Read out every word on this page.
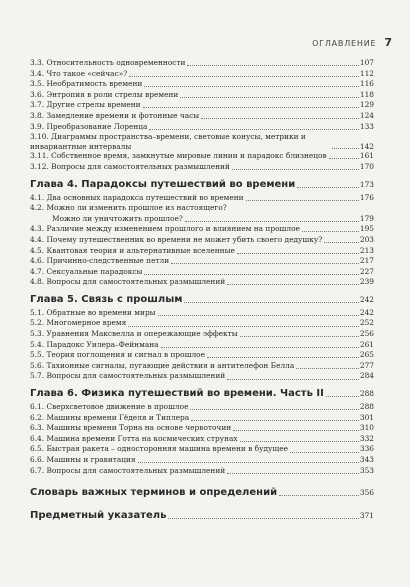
ОГЛАВЛЕНИЕ 7
3.3. Относительность одновременности	107
3.4. Что такое «сейчас»?	112
3.5. Необратимость времени	116
3.6. Энтропия в роли стрелы времени	118
3.7. Другие стрелы времени	129
3.8. Замедление времени и фотонные часы	124
3.9. Преобразование Лоренца	133
3.10. Диаграммы пространства–времени, световые конусы, метрики и инвариантные интервалы	142
3.11. Собственное время, замкнутые мировые линии и парадокс близнецов	161
3.12. Вопросы для самостоятельных размышлений	170
Глава 4. Парадоксы путешествий во времени	173
4.1. Два основных парадокса путешествий во времени	176
4.2. Можно ли изменить прошлое из настоящего?
Можно ли уничтожить прошлое?	179
4.3. Различие между изменением прошлого и влиянием на прошлое	195
4.4. Почему путешественник во времени не может убить своего дедушку?	203
4.5. Квантовая теория и альтернативные вселенные	213
4.6. Причинно-следственные петли	217
4.7. Сексуальные парадоксы	227
4.8. Вопросы для самостоятельных размышлений	239
Глава 5. Связь с прошлым	242
5.1. Обратные во времени миры	242
5.2. Многомерное время	252
5.3. Уравнения Максвелла и опережающие эффекты	256
5.4. Парадокс Уилера–Фейнмана	261
5.5. Теория поглощения и сигнал в прошлое	265
5.6. Тахионные сигналы, пугающие действия и антителефон Белла	277
5.7. Вопросы для самостоятельных размышлений	284
Глава 6. Физика путешествий во времени. Часть II	288
6.1. Сверхсветовое движение в прошлое	288
6.2. Машины времени Гёделя и Типлера	301
6.3. Машины времени Торна на основе червоточин	310
6.4. Машина времени Готта на космических струнах	332
6.5. Быстрая ракета – односторонняя машина времени в будущее	336
6.6. Машины и гравитация	343
6.7. Вопросы для самостоятельных размышлений	353
Словарь важных терминов и определений	356
Предметный указатель	371
